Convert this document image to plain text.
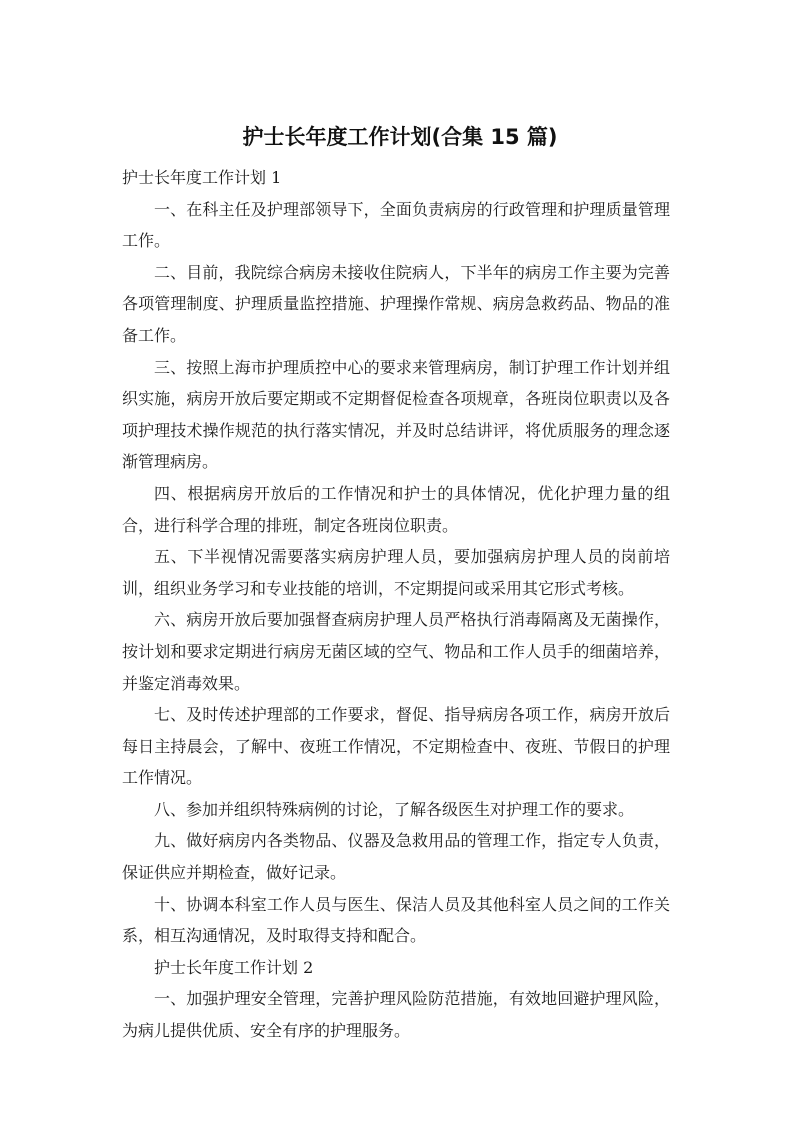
护士长年度工作计划(合集 15 篇)

护士长年度工作计划 1

一、在科主任及护理部领导下，全面负责病房的行政管理和护理质量管理工作。

二、目前，我院综合病房未接收住院病人，下半年的病房工作主要为完善各项管理制度、护理质量监控措施、护理操作常规、病房急救药品、物品的准备工作。

三、按照上海市护理质控中心的要求来管理病房，制订护理工作计划并组织实施，病房开放后要定期或不定期督促检查各项规章，各班岗位职责以及各项护理技术操作规范的执行落实情况，并及时总结讲评，将优质服务的理念逐渐管理病房。

四、根据病房开放后的工作情况和护士的具体情况，优化护理力量的组合，进行科学合理的排班，制定各班岗位职责。

五、下半视情况需要落实病房护理人员，要加强病房护理人员的岗前培训，组织业务学习和专业技能的培训，不定期提问或采用其它形式考核。

六、病房开放后要加强督查病房护理人员严格执行消毒隔离及无菌操作，按计划和要求定期进行病房无菌区域的空气、物品和工作人员手的细菌培养，并鉴定消毒效果。

七、及时传述护理部的工作要求，督促、指导病房各项工作，病房开放后每日主持晨会，了解中、夜班工作情况，不定期检查中、夜班、节假日的护理工作情况。

八、参加并组织特殊病例的讨论，了解各级医生对护理工作的要求。

九、做好病房内各类物品、仪器及急救用品的管理工作，指定专人负责，保证供应并期检查，做好记录。

十、协调本科室工作人员与医生、保洁人员及其他科室人员之间的工作关系，相互沟通情况，及时取得支持和配合。

护士长年度工作计划 2

一、加强护理安全管理，完善护理风险防范措施，有效地回避护理风险，为病儿提供优质、安全有序的护理服务。
